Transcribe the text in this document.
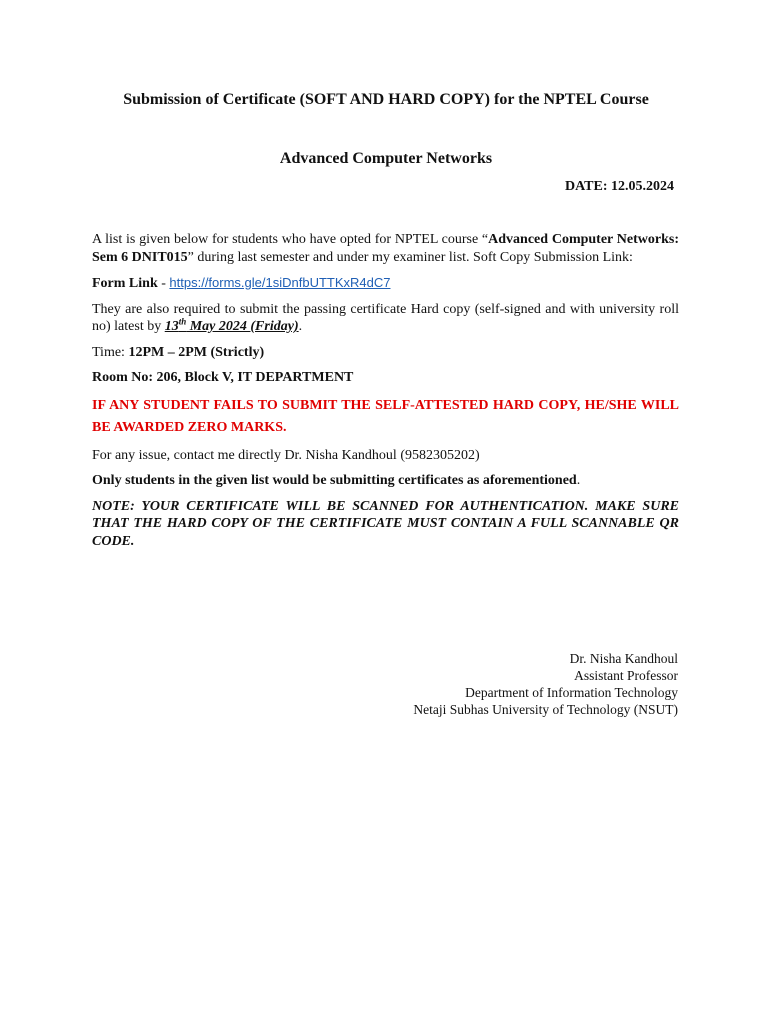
Submission of Certificate (SOFT AND HARD COPY) for the NPTEL Course
Advanced Computer Networks
DATE: 12.05.2024

A list is given below for students who have opted for NPTEL course “Advanced Computer Networks: Sem 6 DNIT015” during last semester and under my examiner list. Soft Copy Submission Link:

Form Link - https://forms.gle/1siDnfbUTTKxR4dC7

They are also required to submit the passing certificate Hard copy (self-signed and with university roll no) latest by 13th May 2024 (Friday).

Time: 12PM – 2PM (Strictly)

Room No: 206, Block V, IT DEPARTMENT

IF ANY STUDENT FAILS TO SUBMIT THE SELF-ATTESTED HARD COPY, HE/SHE WILL BE AWARDED ZERO MARKS.

For any issue, contact me directly Dr. Nisha Kandhoul (9582305202)

Only students in the given list would be submitting certificates as aforementioned.

NOTE: YOUR CERTIFICATE WILL BE SCANNED FOR AUTHENTICATION. MAKE SURE THAT THE HARD COPY OF THE CERTIFICATE MUST CONTAIN A FULL SCANNABLE QR CODE.

Dr. Nisha Kandhoul
Assistant Professor
Department of Information Technology
Netaji Subhas University of Technology (NSUT)
